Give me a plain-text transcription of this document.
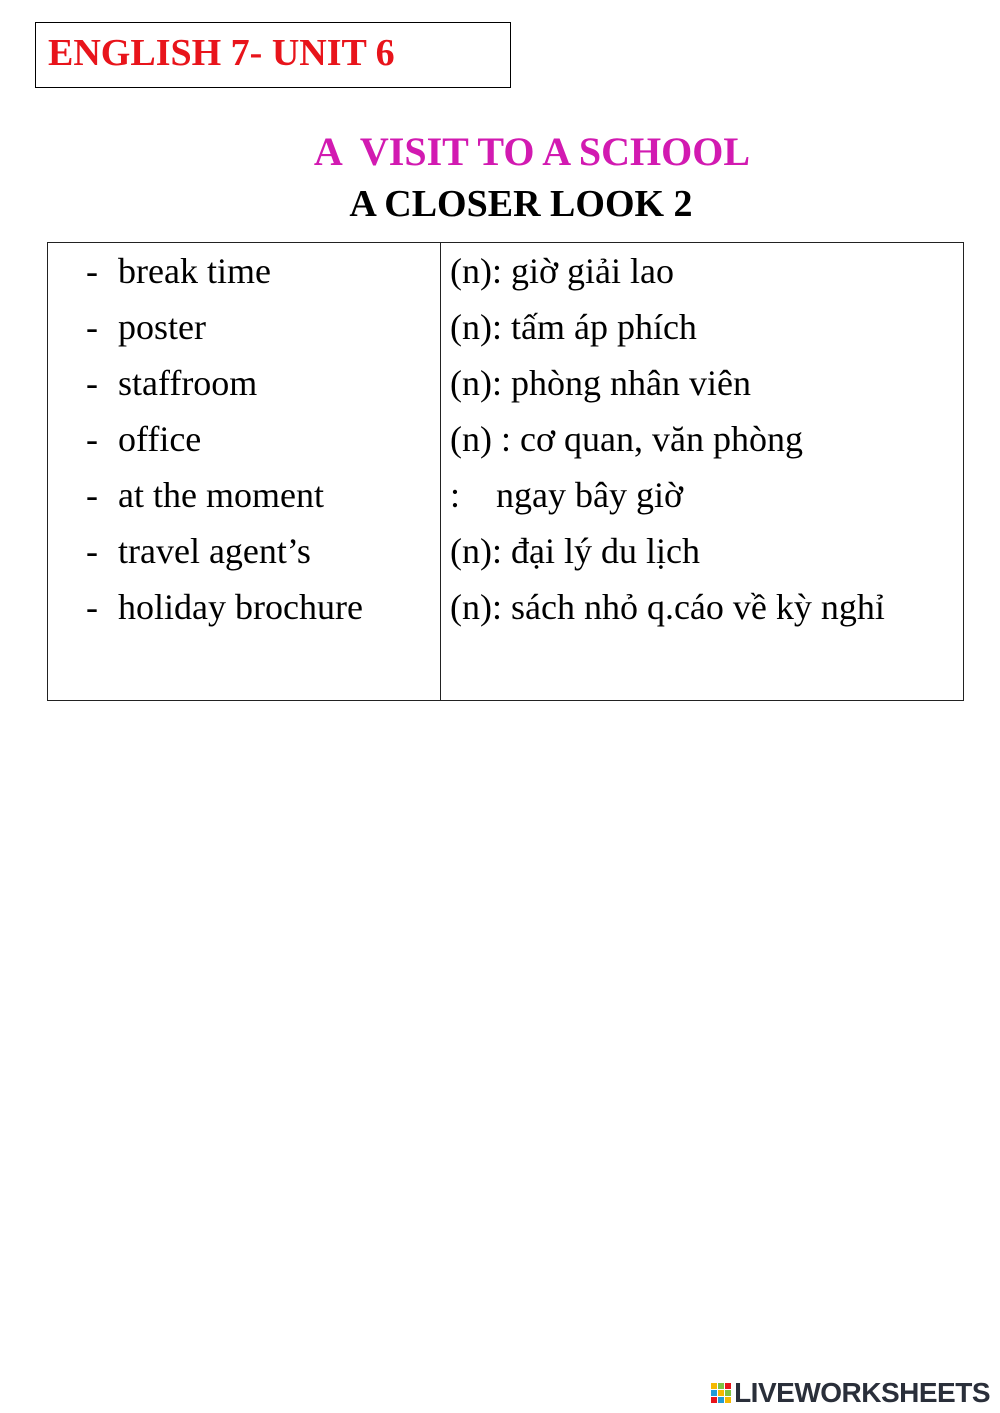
ENGLISH 7- UNIT 6
A  VISIT TO A SCHOOL
A CLOSER LOOK 2
- break time	(n): giờ giải lao
- poster	(n): tấm áp phích
- staffroom	(n): phòng nhân viên
- office	(n) : cơ quan, văn phòng
- at the moment	:    ngay bây giờ
- travel agent’s	(n): đại lý du lịch
- holiday brochure (n): sách nhỏ q.cáo về kỳ nghỉ
LIVEWORKSHEETS
